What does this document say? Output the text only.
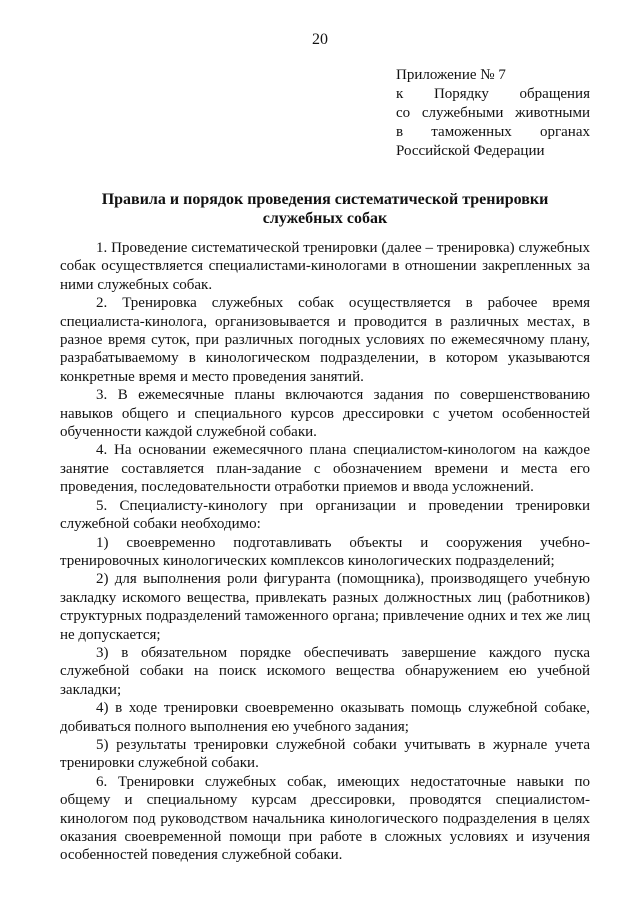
20
Приложение № 7
к Порядку обращения
со служебными животными
в таможенных органах
Российской Федерации
Правила и порядок проведения систематической тренировки
служебных собак

1. Проведение систематической тренировки (далее – тренировка) служебных собак осуществляется специалистами-кинологами в отношении закрепленных за ними служебных собак.

2. Тренировка служебных собак осуществляется в рабочее время специалиста-кинолога, организовывается и проводится в различных местах, в разное время суток, при различных погодных условиях по ежемесячному плану, разрабатываемому в кинологическом подразделении, в котором указываются конкретные время и место проведения занятий.

3. В ежемесячные планы включаются задания по совершенствованию навыков общего и специального курсов дрессировки с учетом особенностей обученности каждой служебной собаки.

4. На основании ежемесячного плана специалистом-кинологом на каждое занятие составляется план-задание с обозначением времени и места его проведения, последовательности отработки приемов и ввода усложнений.

5. Специалисту-кинологу при организации и проведении тренировки служебной собаки необходимо:

1) своевременно подготавливать объекты и сооружения учебно-тренировочных кинологических комплексов кинологических подразделений;

2) для выполнения роли фигуранта (помощника), производящего учебную закладку искомого вещества, привлекать разных должностных лиц (работников) структурных подразделений таможенного органа; привлечение одних и тех же лиц не допускается;

3) в обязательном порядке обеспечивать завершение каждого пуска служебной собаки на поиск искомого вещества обнаружением ею учебной закладки;

4) в ходе тренировки своевременно оказывать помощь служебной собаке, добиваться полного выполнения ею учебного задания;

5) результаты тренировки служебной собаки учитывать в журнале учета тренировки служебной собаки.

6. Тренировки служебных собак, имеющих недостаточные навыки по общему и специальному курсам дрессировки, проводятся специалистом-кинологом под руководством начальника кинологического подразделения в целях оказания своевременной помощи при работе в сложных условиях и изучения особенностей поведения служебной собаки.
